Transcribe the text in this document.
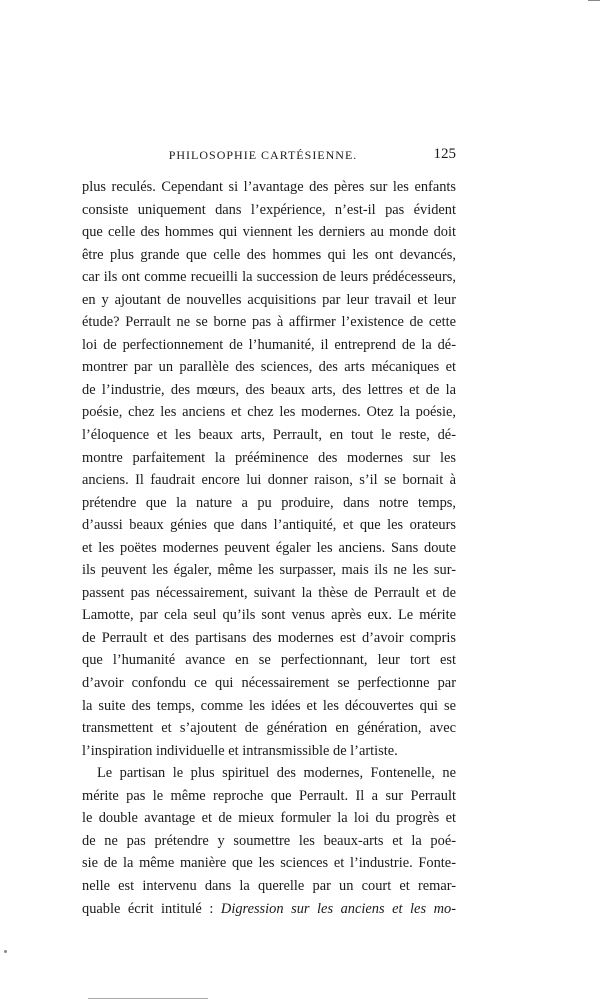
PHILOSOPHIE CARTÉSIENNE.	125
plus reculés. Cependant si l’avantage des pères sur les enfants
consiste uniquement dans l’expérience, n’est-il pas évident
que celle des hommes qui viennent les derniers au monde doit
être plus grande que celle des hommes qui les ont devancés,
car ils ont comme recueilli la succession de leurs prédécesseurs,
en y ajoutant de nouvelles acquisitions par leur travail et leur
étude? Perrault ne se borne pas à affirmer l’existence de cette
loi de perfectionnement de l’humanité, il entreprend de la dé-
montrer par un parallèle des sciences, des arts mécaniques et
de l’industrie, des mœurs, des beaux arts, des lettres et de la
poésie, chez les anciens et chez les modernes. Otez la poésie,
l’éloquence et les beaux arts, Perrault, en tout le reste, dé-
montre parfaitement la prééminence des modernes sur les
anciens. Il faudrait encore lui donner raison, s’il se bornait à
prétendre que la nature a pu produire, dans notre temps,
d’aussi beaux génies que dans l’antiquité, et que les orateurs
et les poëtes modernes peuvent égaler les anciens. Sans doute
ils peuvent les égaler, même les surpasser, mais ils ne les sur-
passent pas nécessairement, suivant la thèse de Perrault et de
Lamotte, par cela seul qu’ils sont venus après eux. Le mérite
de Perrault et des partisans des modernes est d’avoir compris
que l’humanité avance en se perfectionnant, leur tort est
d’avoir confondu ce qui nécessairement se perfectionne par
la suite des temps, comme les idées et les découvertes qui se
transmettent et s’ajoutent de génération en génération, avec
l’inspiration individuelle et intransmissible de l’artiste.
Le partisan le plus spirituel des modernes, Fontenelle, ne
mérite pas le même reproche que Perrault. Il a sur Perrault
le double avantage et de mieux formuler la loi du progrès et
de ne pas prétendre y soumettre les beaux-arts et la poé-
sie de la même manière que les sciences et l’industrie. Fonte-
nelle est intervenu dans la querelle par un court et remar-
quable écrit intitulé : Digression sur les anciens et les mo-
